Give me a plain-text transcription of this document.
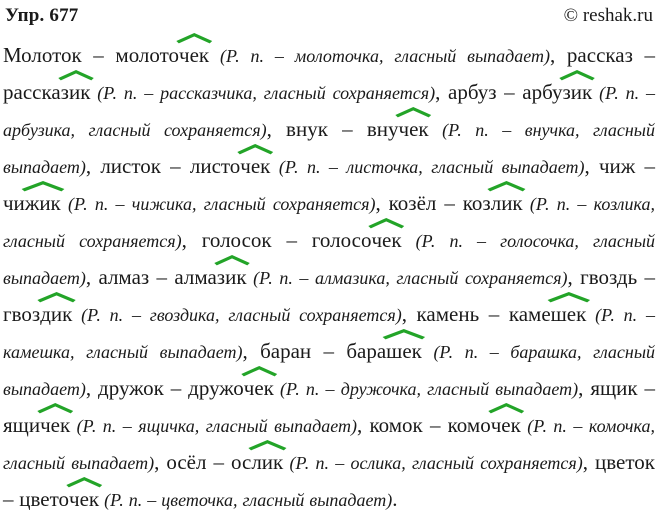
Упр. 677	© reshak.ru

Молоток – молото
чек (Р. п. – молоточка, гласный выпадает), рассказ – расска
зик (Р. п. – рассказчика, гласный сохраняется), арбуз – арбу
зик (Р. п. – арбузика, гласный сохраняется), внук – вну
чек (Р. п. – внучка, гласный выпадает), листок – листо
чек (Р. п. – листочка, гласный выпадает), чиж – чи
жик (Р. п. – чижика, гласный сохраняется), козёл – коз
лик (Р. п. – козлика, гласный сохраняется), голосок – голосо
чек (Р. п. – голосочка, гласный выпадает), алмаз – алма
зик (Р. п. – алмазика, гласный сохраняется), гвоздь – гвоз
дик (Р. п. – гвоздика, гласный сохраняется), камень – каме
шек (Р. п. – камешка, гласный выпадает), баран – бара
шек (Р. п. – барашка, гласный выпадает), дружок – дружо
чек (Р. п. – дружочка, гласный выпадает), ящик – ящи
чек (Р. п. – ящичка, гласный выпадает), комок – комо
чек (Р. п. – комочка, гласный выпадает), осёл – ос
лик (Р. п. – ослика, гласный сохраняется), цветок – цвето
чек (Р. п. – цветочка, гласный выпадает).
